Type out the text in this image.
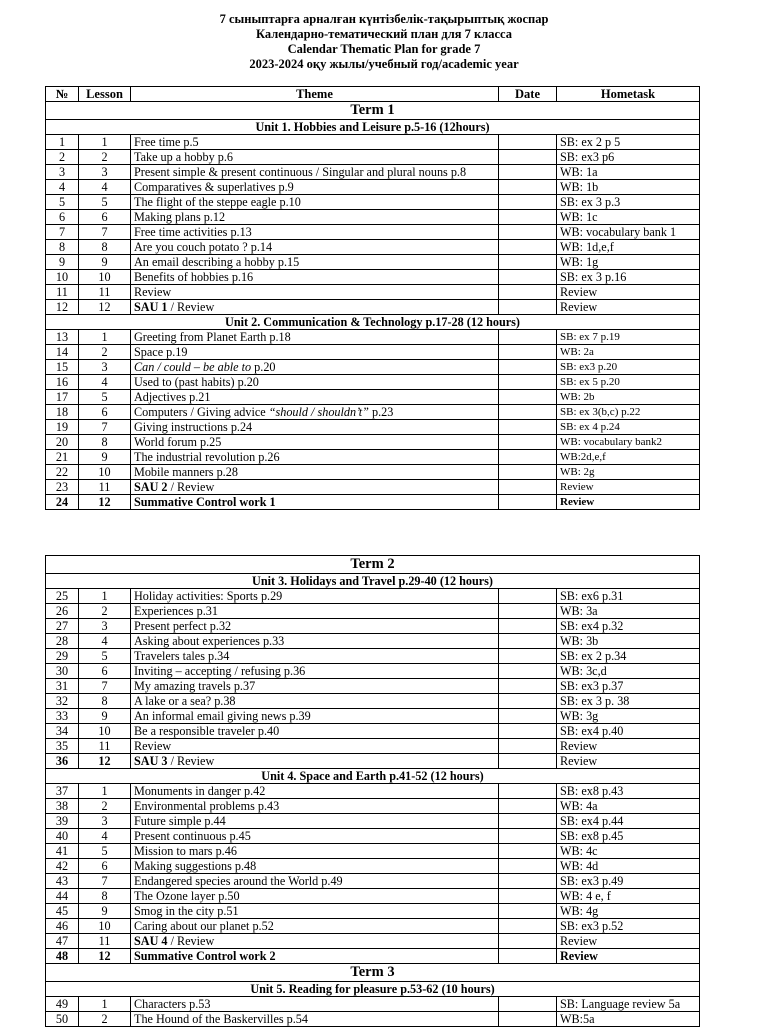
7 сыныптарға арналған күнтізбелік-тақырыптық жоспар
Календарно-тематический план для 7 класса
Calendar Thematic Plan for grade 7
2023-2024 оқу жылы/учебный год/academic year
№	Lesson	Theme	Date	Hometask
Term 1				
Unit 1. Hobbies and Leisure p.5-16 (12hours)				
1	1	Free time p.5		SB: ex 2 p 5
2	2	Take up a hobby p.6		SB: ex3 p6
3	3	Present simple & present continuous / Singular and plural nouns p.8		WB: 1a
4	4	Comparatives & superlatives p.9		WB: 1b
5	5	The flight of the steppe eagle p.10		SB: ex 3 p.3
6	6	Making plans p.12		WB: 1c
7	7	Free time activities p.13		WB: vocabulary bank 1
8	8	Are you couch potato ? p.14		WB: 1d,e,f
9	9	An email describing a hobby p.15		WB: 1g
10	10	Benefits of hobbies p.16		SB: ex 3 p.16
11	11	Review		Review
12	12	SAU 1 / Review		Review
Unit 2. Communication & Technology p.17-28 (12 hours)				
13	1	Greeting from Planet Earth p.18		SB: ex 7 p.19
14	2	Space p.19		WB: 2a
15	3	Can / could – be able to p.20		SB: ex3 p.20
16	4	Used to (past habits) p.20		SB: ex 5 p.20
17	5	Adjectives p.21		WB: 2b
18	6	Computers / Giving advice “should / shouldn’t” p.23		SB: ex 3(b,c) p.22
19	7	Giving instructions p.24		SB: ex 4 p.24
20	8	World forum p.25		WB: vocabulary bank2
21	9	The industrial revolution p.26		WB:2d,e,f
22	10	Mobile manners p.28		WB: 2g
23	11	SAU 2 / Review		Review
24	12	Summative Control work 1		Review
Term 2				
Unit 3. Holidays and Travel p.29-40 (12 hours)				
25	1	Holiday activities: Sports p.29		SB: ex6 p.31
26	2	Experiences p.31		WB: 3a
27	3	Present perfect p.32		SB: ex4 p.32
28	4	Asking about experiences p.33		WB: 3b
29	5	Travelers tales p.34		SB: ex 2 p.34
30	6	Inviting – accepting / refusing p.36		WB: 3c,d
31	7	My amazing travels p.37		SB: ex3 p.37
32	8	A lake or a sea? p.38		SB: ex 3 p. 38
33	9	An informal email giving news p.39		WB: 3g
34	10	Be a responsible traveler p.40		SB: ex4 p.40
35	11	Review		Review
36	12	SAU 3 / Review		Review
Unit 4. Space and Earth p.41-52 (12 hours)				
37	1	Monuments in danger p.42		SB: ex8 p.43
38	2	Environmental problems p.43		WB: 4a
39	3	Future simple p.44		SB: ex4 p.44
40	4	Present continuous p.45		SB: ex8 p.45
41	5	Mission to mars p.46		WB: 4c
42	6	Making suggestions p.48		WB: 4d
43	7	Endangered species around the World p.49		SB: ex3 p.49
44	8	The Ozone layer p.50		WB: 4 e, f
45	9	Smog in the city p.51		WB: 4g
46	10	Caring about our planet p.52		SB: ex3 p.52
47	11	SAU 4 / Review		Review
48	12	Summative Control work 2		Review
Term 3				
Unit 5. Reading for pleasure p.53-62 (10 hours)				
49	1	Characters p.53		SB: Language review 5a
50	2	The Hound of the Baskervilles p.54		WB:5a
